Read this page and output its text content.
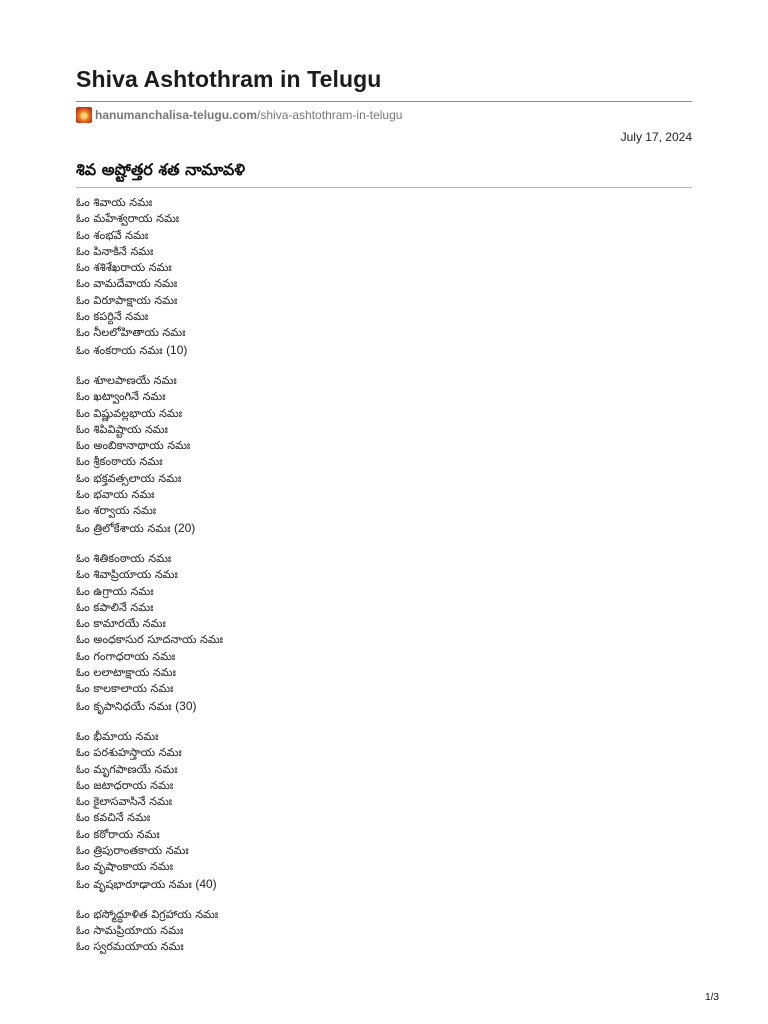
Shiva Ashtothram in Telugu
hanumanchalisa-telugu.com/shiva-ashtothram-in-telugu
July 17, 2024
శివ అష్టోత్తర శత నామావళి
ఓం శివాయ నమః
ఓం మహేశ్వరాయ నమః
ఓం శంభవే నమః
ఓం పినాకినే నమః
ఓం శశిశేఖరాయ నమః
ఓం వామదేవాయ నమః
ఓం విరూపాక్షాయ నమః
ఓం కపర్దినే నమః
ఓం నీలలోహితాయ నమః
ఓం శంకరాయ నమః (10)
ఓం శూలపాణయే నమః
ఓం ఖట్వాంగినే నమః
ఓం విష్ణువల్లభాయ నమః
ఓం శిపివిష్టాయ నమః
ఓం అంబికానాథాయ నమః
ఓం శ్రీకంఠాయ నమః
ఓం భక్తవత్సలాయ నమః
ఓం భవాయ నమః
ఓం శర్వాయ నమః
ఓం త్రిలోకేశాయ నమః (20)
ఓం శితికంఠాయ నమః
ఓం శివాప్రియాయ నమః
ఓం ఉగ్రాయ నమః
ఓం కపాలినే నమః
ఓం కామారయే నమః
ఓం అంధకాసుర సూదనాయ నమః
ఓం గంగాధరాయ నమః
ఓం లలాటాక్షాయ నమః
ఓం కాలకాలాయ నమః
ఓం కృపానిధయే నమః (30)
ఓం భీమాయ నమః
ఓం పరశుహస్తాయ నమః
ఓం మృగపాణయే నమః
ఓం జటాధరాయ నమః
ఓం కైలాసవాసినే నమః
ఓం కవచినే నమః
ఓం కఠోరాయ నమః
ఓం త్రిపురాంతకాయ నమః
ఓం వృషాంకాయ నమః
ఓం వృషభారూఢాయ నమః (40)
ఓం భస్మోద్ధూళిత విగ్రహాయ నమః
ఓం సామప్రియాయ నమః
ఓం స్వరమయాయ నమః
1/3
